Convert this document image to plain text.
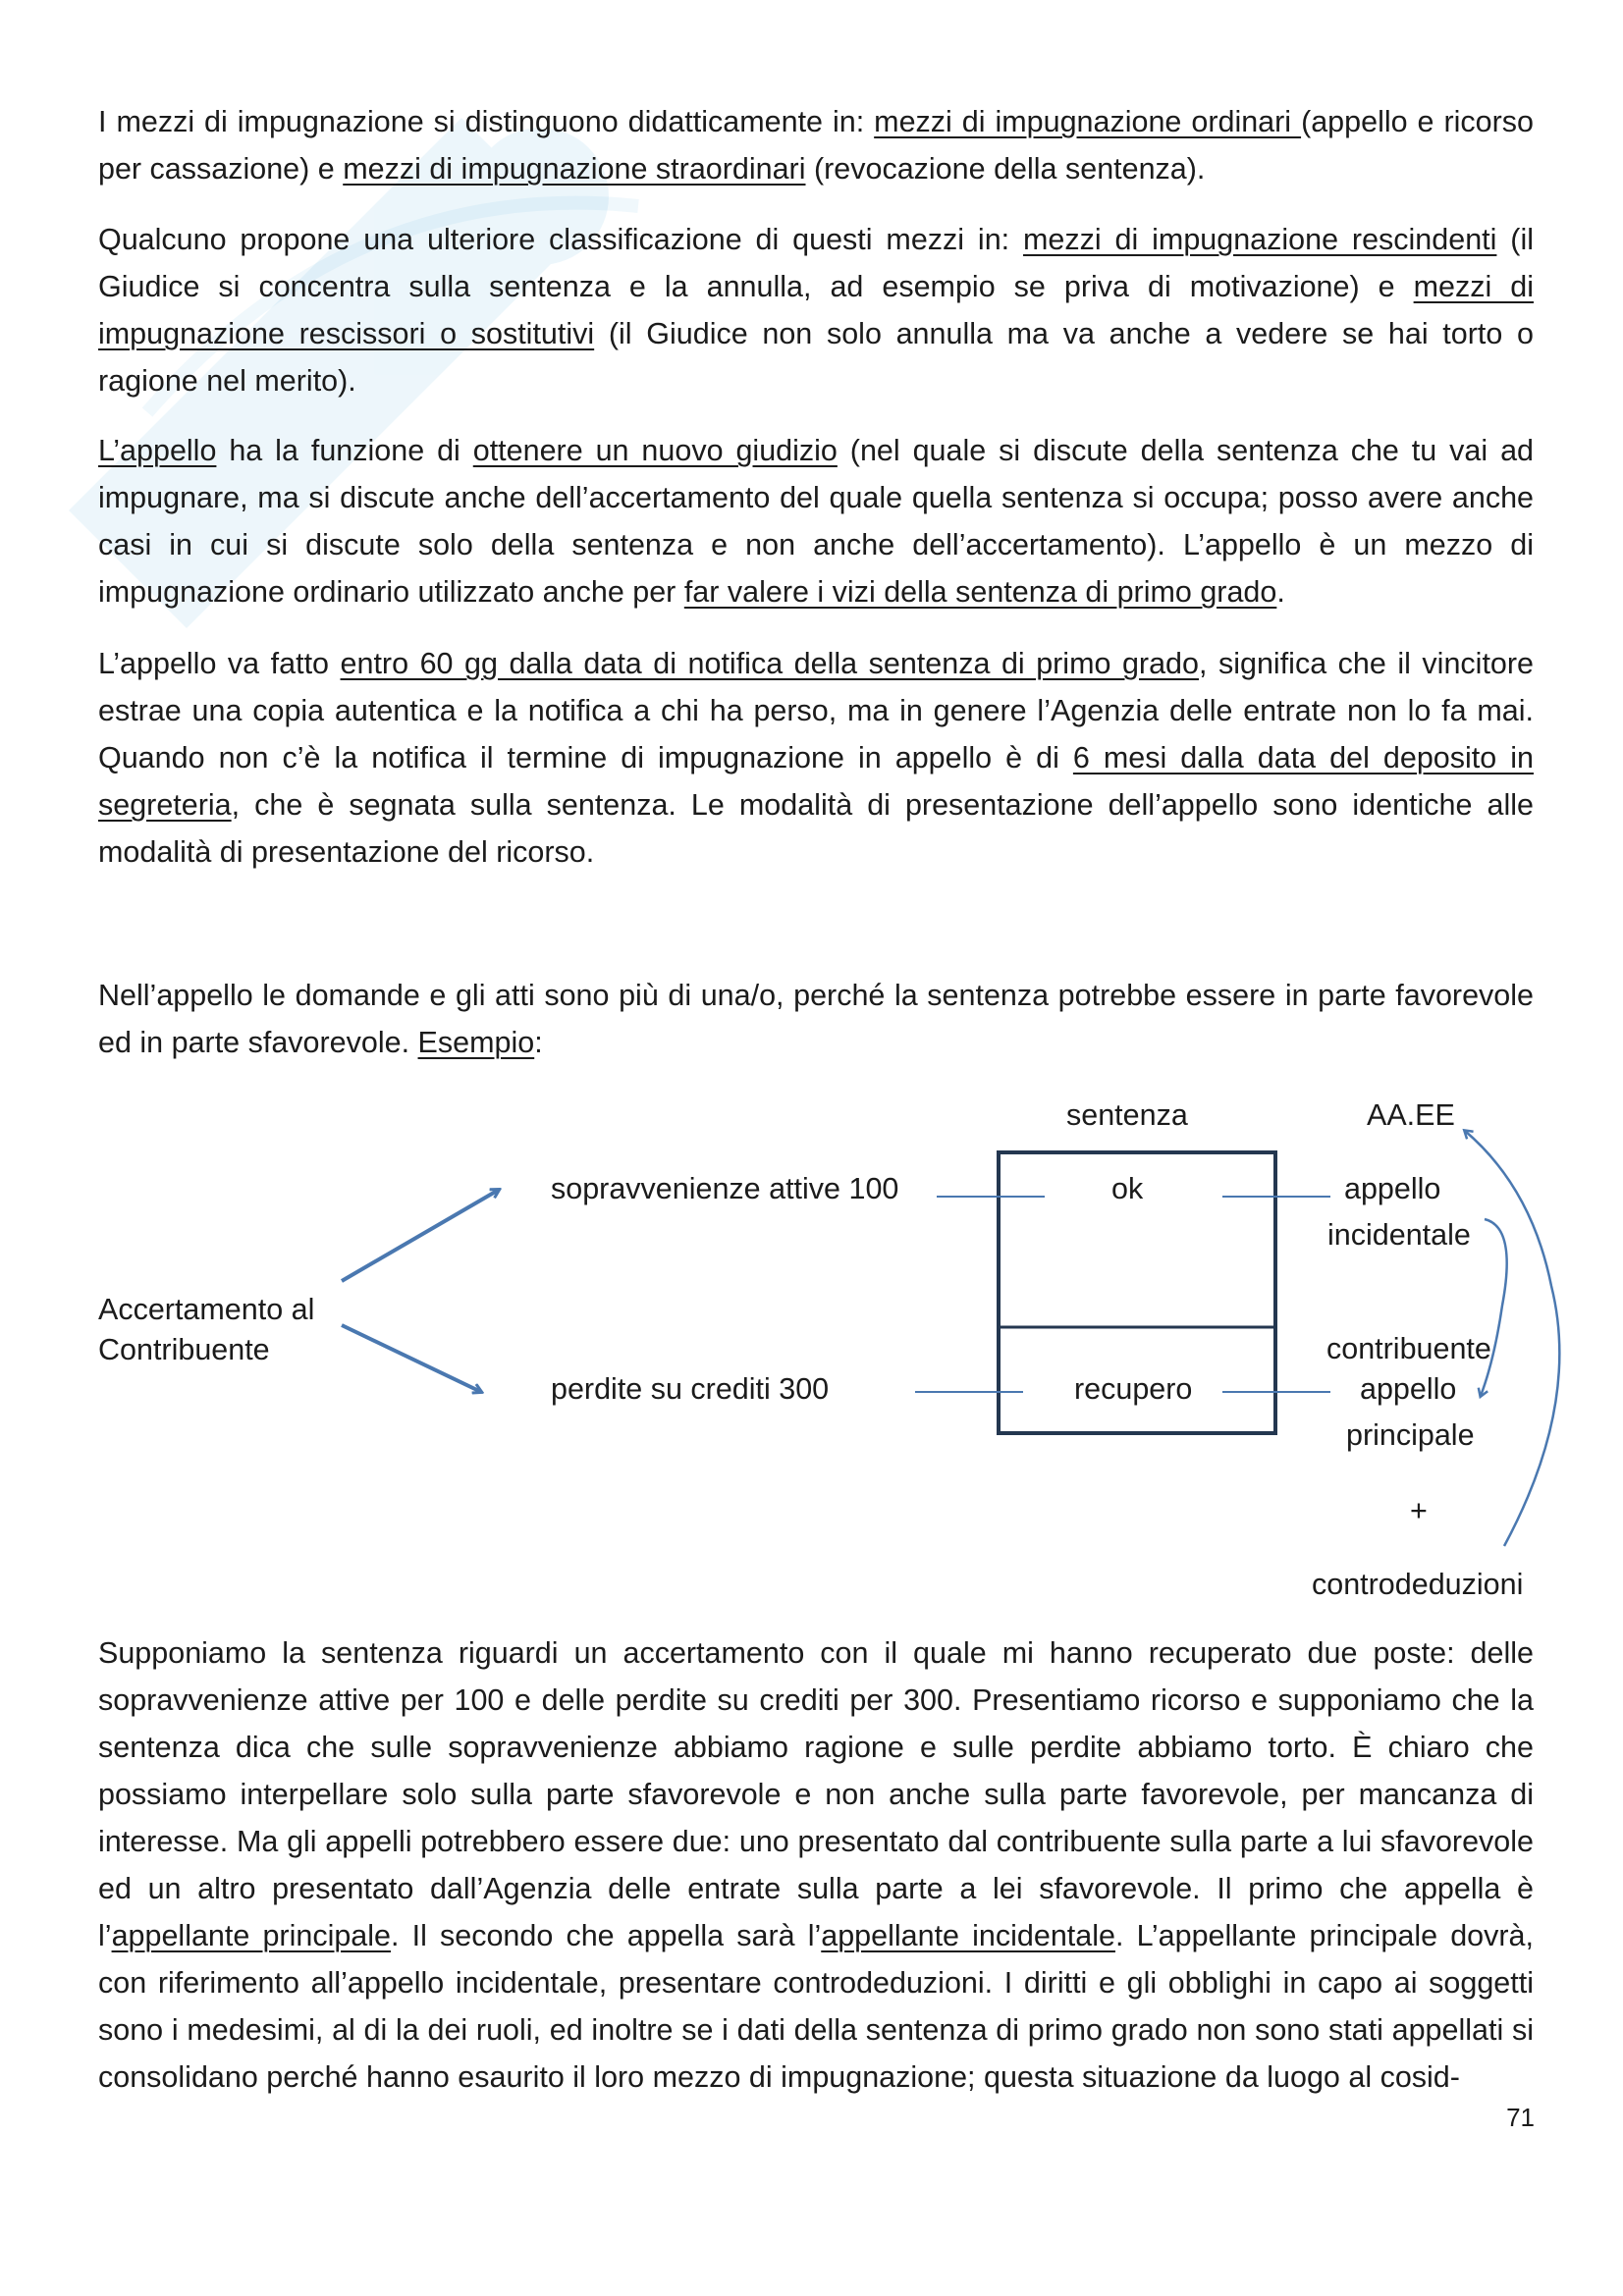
I mezzi di impugnazione si distinguono didatticamente in: mezzi di impugnazione ordinari (appello e ricorso per cassazione) e mezzi di impugnazione straordinari (revocazione della sentenza).

Qualcuno propone una ulteriore classificazione di questi mezzi in: mezzi di impugnazione rescindenti (il Giudice si concentra sulla sentenza e la annulla, ad esempio se priva di motivazione) e mezzi di impugnazione rescissori o sostitutivi (il Giudice non solo annulla ma va anche a vedere se hai torto o ragione nel merito).

L’appello ha la funzione di ottenere un nuovo giudizio (nel quale si discute della sentenza che tu vai ad impugnare, ma si discute anche dell’accertamento del quale quella sentenza si occupa; posso avere anche casi in cui si discute solo della sentenza e non anche dell’accertamento). L’appello è un mezzo di impugnazione ordinario utilizzato anche per far valere i vizi della sentenza di primo grado.

L’appello va fatto entro 60 gg dalla data di notifica della sentenza di primo grado, significa che il vincitore estrae una copia autentica e la notifica a chi ha perso, ma in genere l’Agenzia delle entrate non lo fa mai. Quando non c’è la notifica il termine di impugnazione in appello è di 6 mesi dalla data del deposito in segreteria, che è segnata sulla sentenza. Le modalità di presentazione dell’appello sono identiche alle modalità di presentazione del ricorso.

Nell’appello le domande e gli atti sono più di una/o, perché la sentenza potrebbe essere in parte favorevole ed in parte sfavorevole. Esempio:

sentenza	AA.EE
Accertamento al
Contribuente
sopravvenienze attive 100
perdite su crediti 300
ok
recupero
appello
incidentale
contribuente
appello
principale
+
controdeduzioni

Supponiamo la sentenza riguardi un accertamento con il quale mi hanno recuperato due poste: delle sopravvenienze attive per 100 e delle perdite su crediti per 300. Presentiamo ricorso e supponiamo che la sentenza dica che sulle sopravvenienze abbiamo ragione e sulle perdite abbiamo torto. È chiaro che possiamo interpellare solo sulla parte sfavorevole e non anche sulla parte favorevole, per mancanza di interesse. Ma gli appelli potrebbero essere due: uno presentato dal contribuente sulla parte a lui sfavorevole ed un altro presentato dall’Agenzia delle entrate sulla parte a lei sfavorevole. Il primo che appella è l’appellante principale. Il secondo che appella sarà l’appellante incidentale. L’appellante principale dovrà, con riferimento all’appello incidentale, presentare controdeduzioni. I diritti e gli obblighi in capo ai soggetti sono i medesimi, al di la dei ruoli, ed inoltre se i dati della sentenza di primo grado non sono stati appellati si consolidano perché hanno esaurito il loro mezzo di impugnazione; questa situazione da luogo al cosid-

71
